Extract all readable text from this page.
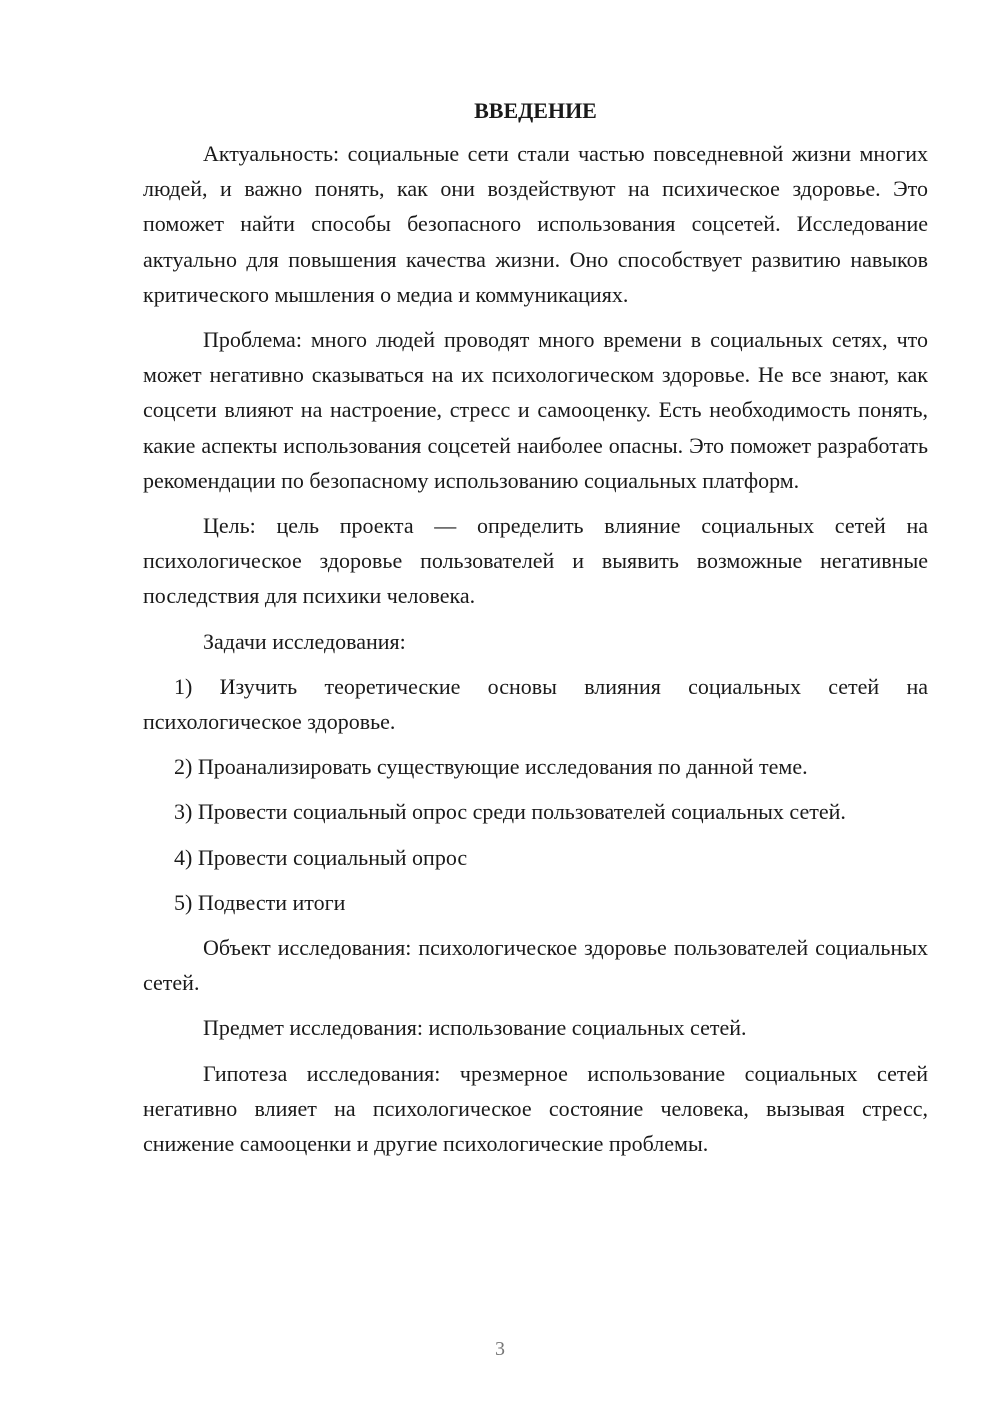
ВВЕДЕНИЕ

Актуальность: социальные сети стали частью повседневной жизни многих людей, и важно понять, как они воздействуют на психическое здоровье. Это поможет найти способы безопасного использования соцсетей. Исследование актуально для повышения качества жизни. Оно способствует развитию навыков критического мышления о медиа и коммуникациях.

Проблема: много людей проводят много времени в социальных сетях, что может негативно сказываться на их психологическом здоровье. Не все знают, как соцсети влияют на настроение, стресс и самооценку. Есть необходимость понять, какие аспекты использования соцсетей наиболее опасны. Это поможет разработать рекомендации по безопасному использованию социальных платформ.

Цель: цель проекта — определить влияние социальных сетей на психологическое здоровье пользователей и выявить возможные негативные последствия для психики человека.

Задачи исследования:

1) Изучить теоретические основы влияния социальных сетей на психологическое здоровье.

2) Проанализировать существующие исследования по данной теме.

3) Провести социальный опрос среди пользователей социальных сетей.

4) Провести социальный опрос

5) Подвести итоги

Объект исследования: психологическое здоровье пользователей социальных сетей.

Предмет исследования: использование социальных сетей.

Гипотеза исследования: чрезмерное использование социальных сетей негативно влияет на психологическое состояние человека, вызывая стресс, снижение самооценки и другие психологические проблемы.

3
